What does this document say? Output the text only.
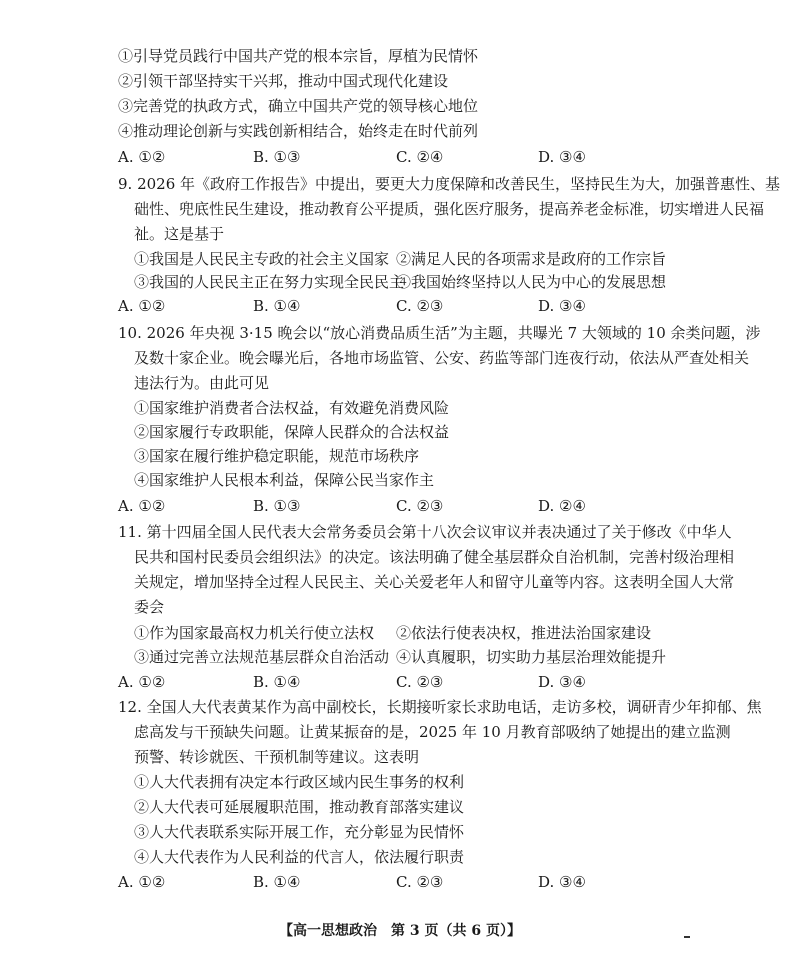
①引导党员践行中国共产党的根本宗旨，厚植为民情怀
②引领干部坚持实干兴邦，推动中国式现代化建设
③完善党的执政方式，确立中国共产党的领导核心地位
④推动理论创新与实践创新相结合，始终走在时代前列
A. ①②	B. ①③	C. ②④	D. ③④
9. 2026 年《政府工作报告》中提出，要更大力度保障和改善民生，坚持民生为大，加强普惠性、基
础性、兜底性民生建设，推动教育公平提质，强化医疗服务，提高养老金标准，切实增进人民福
祉。这是基于
①我国是人民民主专政的社会主义国家 ②满足人民的各项需求是政府的工作宗旨
③我国的人民民主正在努力实现全民民主
④我国始终坚持以人民为中心的发展思想
A. ①②	B. ①④	C. ②③	D. ③④
10. 2026 年央视 3·15 晚会以“放心消费品质生活”为主题，共曝光 7 大领域的 10 余类问题，涉
及数十家企业。晚会曝光后，各地市场监管、公安、药监等部门连夜行动，依法从严查处相关
违法行为。由此可见
①国家维护消费者合法权益，有效避免消费风险
②国家履行专政职能，保障人民群众的合法权益
③国家在履行维护稳定职能，规范市场秩序
④国家维护人民根本利益，保障公民当家作主
A. ①②	B. ①③	C. ②③	D. ②④
11. 第十四届全国人民代表大会常务委员会第十八次会议审议并表决通过了关于修改《中华人
民共和国村民委员会组织法》的决定。该法明确了健全基层群众自治机制，完善村级治理相
关规定，增加坚持全过程人民民主、关心关爱老年人和留守儿童等内容。这表明全国人大常
委会
①作为国家最高权力机关行使立法权 ②依法行使表决权，推进法治国家建设
③通过完善立法规范基层群众自治活动 ④认真履职，切实助力基层治理效能提升
A. ①②	B. ①④	C. ②③	D. ③④
12. 全国人大代表黄某作为高中副校长，长期接听家长求助电话，走访多校，调研青少年抑郁、焦
虑高发与干预缺失问题。让黄某振奋的是，2025 年 10 月教育部吸纳了她提出的建立监测
预警、转诊就医、干预机制等建议。这表明
①人大代表拥有决定本行政区域内民生事务的权利
②人大代表可延展履职范围，推动教育部落实建议
③人大代表联系实际开展工作，充分彰显为民情怀
④人大代表作为人民利益的代言人，依法履行职责
A. ①②	B. ①④	C. ②③	D. ③④
【高一思想政治　第 3 页（共 6 页）】
